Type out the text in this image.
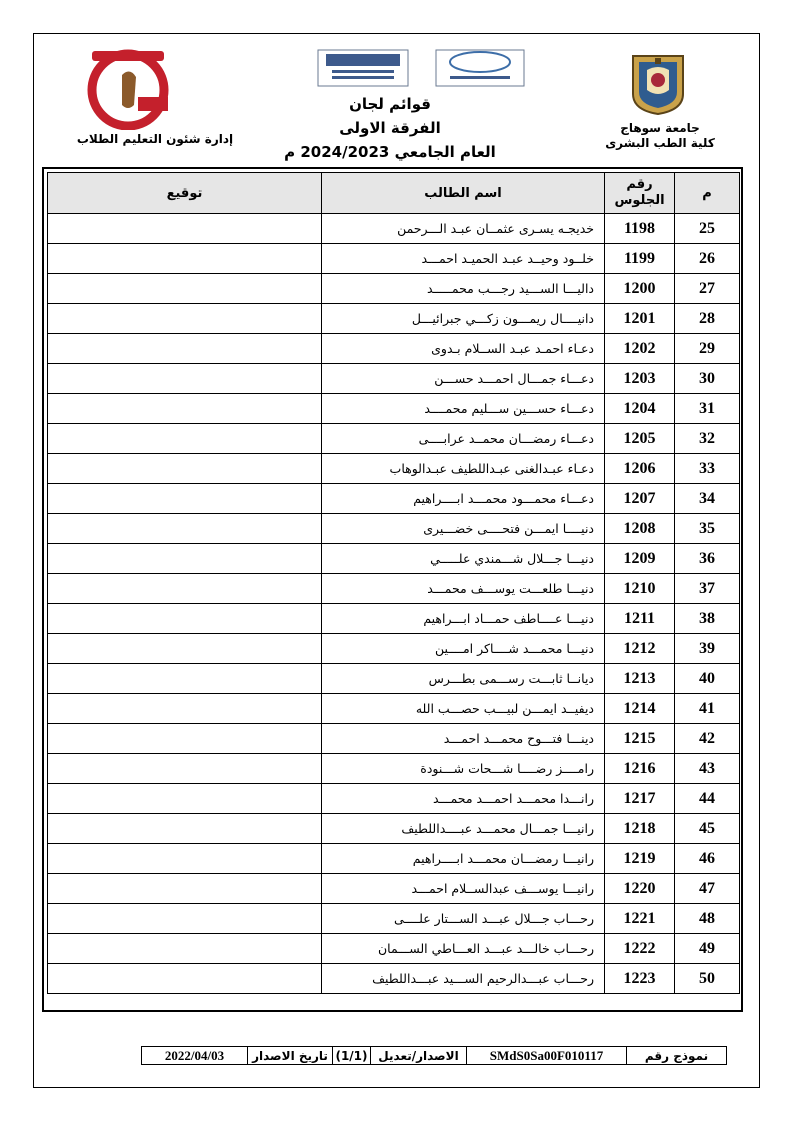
جامعة سوهاج
كلية الطب البشرى
قوائم لجان
الفرقة الاولى
العام الجامعي 2024/2023 م
إدارة شئون التعليم الطلاب
م	رقم الجلوس	اسم الطالب	توقيع
25	1198	خديجـه يسـرى عثمــان عبـد الـــرحمن	
26	1199	خلــود وحيــد عبـد الحميـد احمـــد	
27	1200	داليـــا الســـيد رجـــب محمـــــد	
28	1201	دانيــــال ريمـــون زكـــي جبرائيـــل	
29	1202	دعـاء احمـد عبـد الســلام بـدوى	
30	1203	دعـــاء جمـــال احمـــد حســـن	
31	1204	دعـــاء حســـين ســـليم محمــــد	
32	1205	دعـــاء رمضـــان محمــد عرابــــى	
33	1206	دعـاء عبـدالغنى عبـداللطيف عبـدالوهاب	
34	1207	دعـــاء محمـــود محمـــد ابــــراهيم	
35	1208	دنيــــا ايمـــن فتحــــى خضـــيرى	
36	1209	دنيـــا جـــلال شـــمندي علـــــي	
37	1210	دنيـــا طلعـــت يوســـف محمـــد	
38	1211	دنيـــا عــــاطف حمـــاد ابـــراهيم	
39	1212	دنيـــا محمـــد شــــاكر امــــين	
40	1213	ديانــا ثابـــت رســـمى بطـــرس	
41	1214	ديفيــد ايمـــن لبيـــب حصـــب الله	
42	1215	دينـــا فتـــوح محمـــد احمـــد	
43	1216	رامــــز رضــــا شـــحات شـــنودة	
44	1217	رانـــدا محمـــد احمـــد محمـــد	
45	1218	رانيـــا جمـــال محمـــد عبــــداللطيف	
46	1219	رانيـــا رمضـــان محمـــد ابــــراهيم	
47	1220	رانيـــا يوســـف عبدالســلام احمـــد	
48	1221	رحـــاب جـــلال عبـــد الســـتار علــــى	
49	1222	رحـــاب خالـــد عبـــد العـــاطي الســـمان	
50	1223	رحـــاب عبـــدالرحيم الســـيد عبـــداللطيف	
نموذج رقم
SMdS0Sa00F010117
الاصدار/تعديل
(1/1)
تاريخ الاصدار
2022/04/03
